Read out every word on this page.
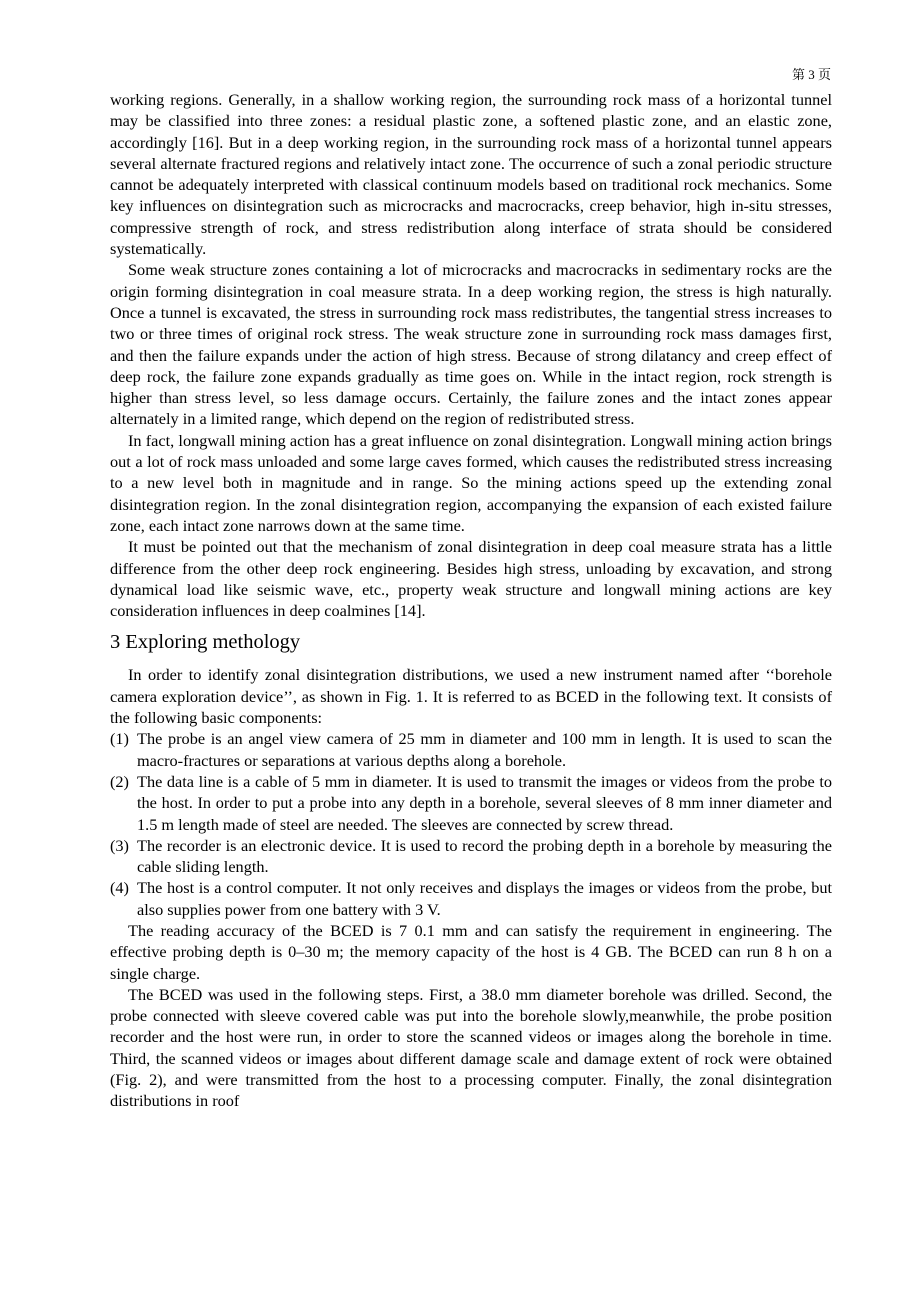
第 3 页

working regions. Generally, in a shallow working region, the surrounding rock mass of a horizontal tunnel may be classified into three zones: a residual plastic zone, a softened plastic zone, and an elastic zone, accordingly [16]. But in a deep working region, in the surrounding rock mass of a horizontal tunnel appears several alternate fractured regions and relatively intact zone. The occurrence of such a zonal periodic structure cannot be adequately interpreted with classical continuum models based on traditional rock mechanics. Some key influences on disintegration such as microcracks and macrocracks, creep behavior, high in-situ stresses, compressive strength of rock, and stress redistribution along interface of strata should be considered systematically.

Some weak structure zones containing a lot of microcracks and macrocracks in sedimentary rocks are the origin forming disintegration in coal measure strata. In a deep working region, the stress is high naturally. Once a tunnel is excavated, the stress in surrounding rock mass redistributes, the tangential stress increases to two or three times of original rock stress. The weak structure zone in surrounding rock mass damages first, and then the failure expands under the action of high stress. Because of strong dilatancy and creep effect of deep rock, the failure zone expands gradually as time goes on. While in the intact region, rock strength is higher than stress level, so less damage occurs. Certainly, the failure zones and the intact zones appear alternately in a limited range, which depend on the region of redistributed stress.

In fact, longwall mining action has a great influence on zonal disintegration. Longwall mining action brings out a lot of rock mass unloaded and some large caves formed, which causes the redistributed stress increasing to a new level both in magnitude and in range. So the mining actions speed up the extending zonal disintegration region. In the zonal disintegration region, accompanying the expansion of each existed failure zone, each intact zone narrows down at the same time.

It must be pointed out that the mechanism of zonal disintegration in deep coal measure strata has a little difference from the other deep rock engineering. Besides high stress, unloading by excavation, and strong dynamical load like seismic wave, etc., property weak structure and longwall mining actions are key consideration influences in deep coalmines [14].

3 Exploring methology

In order to identify zonal disintegration distributions, we used a new instrument named after ‘‘borehole camera exploration device’’, as shown in Fig. 1. It is referred to as BCED in the following text. It consists of the following basic components:

(1) The probe is an angel view camera of 25 mm in diameter and 100 mm in length. It is used to scan the macro-fractures or separations at various depths along a borehole.
(2) The data line is a cable of 5 mm in diameter. It is used to transmit the images or videos from the probe to the host. In order to put a probe into any depth in a borehole, several sleeves of 8 mm inner diameter and 1.5 m length made of steel are needed. The sleeves are connected by screw thread.
(3) The recorder is an electronic device. It is used to record the probing depth in a borehole by measuring the cable sliding length.
(4) The host is a control computer. It not only receives and displays the images or videos from the probe, but also supplies power from one battery with 3 V.

The reading accuracy of the BCED is 7 0.1 mm and can satisfy the requirement in engineering. The effective probing depth is 0–30 m; the memory capacity of the host is 4 GB. The BCED can run 8 h on a single charge.

The BCED was used in the following steps. First, a 38.0 mm diameter borehole was drilled. Second, the probe connected with sleeve covered cable was put into the borehole slowly,meanwhile, the probe position recorder and the host were run, in order to store the scanned videos or images along the borehole in time. Third, the scanned videos or images about different damage scale and damage extent of rock were obtained (Fig. 2), and were transmitted from the host to a processing computer. Finally, the zonal disintegration distributions in roof
